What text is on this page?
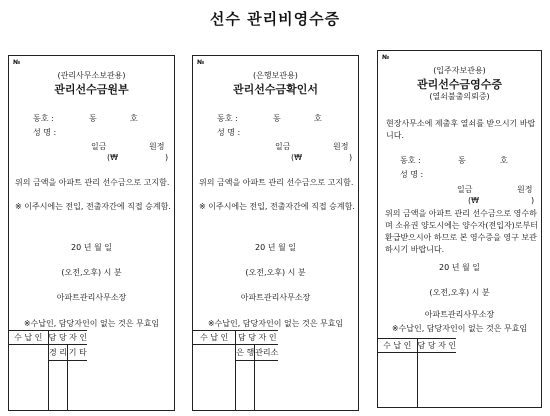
선수 관리비영수증
№
(관리사무소보관용)
관리선수금원부
동호 :	동	호
성 명 :
일금	원정
(₩	)
위의 금액을 아파트 관리 선수금으로 고지함.
※ 이주시에는 전입, 전출자간에 직접 승계함.
20 년 월 일
(오전,오후) 시 분
아파트관리사무소장
※수납인, 담당자인이 없는 것은 무효임
수 납 인	담 당 자 인	
	경 리	기 타

№
(은행보관용)
관리선수금확인서
동호 :	동	호
성 명 :
일금	원정
(₩	)
위의 금액을 아파트 관리 선수금으로 고지함.
※ 이주시에는 전입, 전출자간에 직접 승계함.
20 년 월 일
(오전,오후) 시 분
아파트관리사무소장
※수납인, 담당자인이 없는 것은 무효임
수 납 인	담 당 자 인	
	은 행	관리소

№
(입주자보관용)
관리선수금영수증
(열쇠불출의뢰증)
현장사무소에 제출후 열쇠를 받으시기 바랍니다.
동호 :	동	호
성 명 :
일금	원정
(₩	)
위의 금액을 아파트 관리 선수금으로 영수하며 소유권 양도시에는 양수자(전입자)로부터 환급받으시아 하므로 본 영수증을 영구 보관하시기 바랍니다.
20 년 월 일
(오전,오후) 시 분
아파트관리사무소장
※수납인, 담당자인이 없는 것은 무효임
수 납 인	담 당 자 인
